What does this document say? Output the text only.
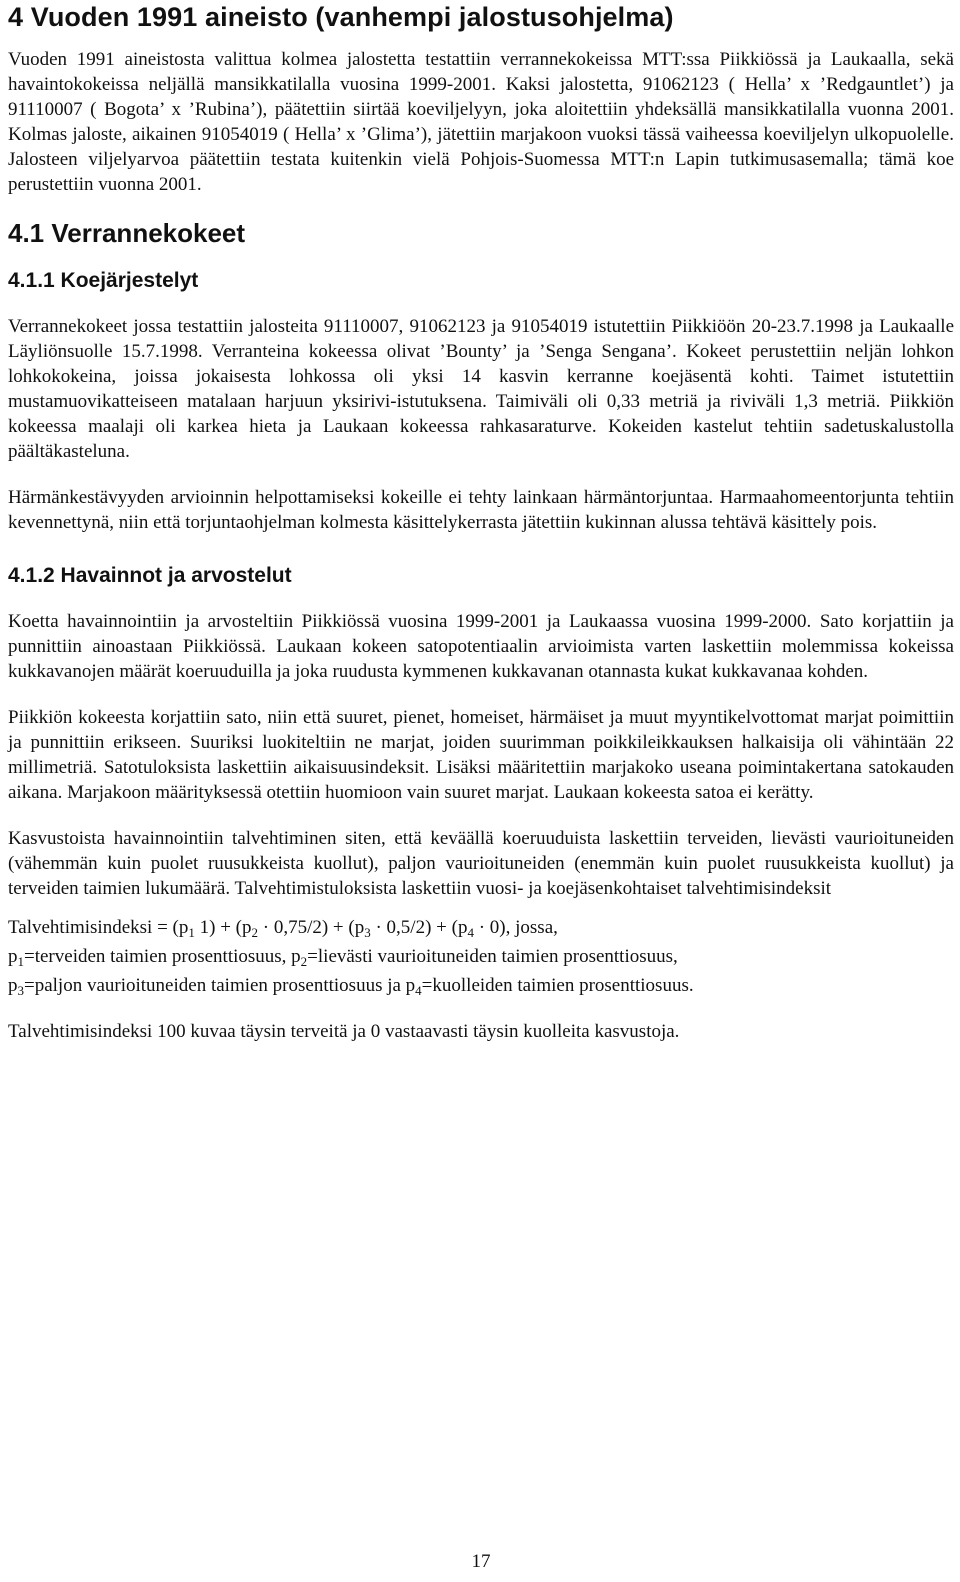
4 Vuoden 1991 aineisto (vanhempi jalostusohjelma)

Vuoden 1991 aineistosta valittua kolmea jalostetta testattiin verrannekokeissa MTT:ssa Piikkiössä ja Laukaalla, sekä havaintokokeissa neljällä mansikkatilalla vuosina 1999-2001. Kaksi jalostetta, 91062123 ( Hella’ x ’Redgauntlet’) ja 91110007 ( Bogota’ x ’Rubina’), päätettiin siirtää koeviljelyyn, joka aloitettiin yhdeksällä mansikkatilalla vuonna 2001. Kolmas jaloste, aikainen 91054019 ( Hella’ x ’Glima’), jätettiin marjakoon vuoksi tässä vaiheessa koeviljelyn ulkopuolelle. Jalosteen viljelyarvoa päätettiin testata kuitenkin vielä Pohjois-Suomessa MTT:n Lapin tutkimusasemalla; tämä koe perustettiin vuonna 2001.

4.1 Verrannekokeet
4.1.1 Koejärjestelyt

Verrannekokeet jossa testattiin jalosteita 91110007, 91062123 ja 91054019 istutettiin Piikkiöön 20-23.7.1998 ja Laukaalle Läyliönsuolle 15.7.1998. Verranteina kokeessa olivat ’Bounty’ ja ’Senga Sengana’. Kokeet perustettiin neljän lohkon lohkokokeina, joissa jokaisesta lohkossa oli yksi 14 kasvin kerranne koejäsentä kohti. Taimet istutettiin mustamuovikatteiseen matalaan harjuun yksirivi-istutuksena. Taimiväli oli 0,33 metriä ja riviväli 1,3 metriä. Piikkiön kokeessa maalaji oli karkea hieta ja Laukaan kokeessa rahkasaraturve. Kokeiden kastelut tehtiin sadetuskalustolla päältäkasteluna.

Härmänkestävyyden arvioinnin helpottamiseksi kokeille ei tehty lainkaan härmäntorjuntaa. Harmaahomeentorjunta tehtiin kevennettynä, niin että torjuntaohjelman kolmesta käsittelykerrasta jätettiin kukinnan alussa tehtävä käsittely pois.

4.1.2 Havainnot ja arvostelut

Koetta havainnointiin ja arvosteltiin Piikkiössä vuosina 1999-2001 ja Laukaassa vuosina 1999-2000. Sato korjattiin ja punnittiin ainoastaan Piikkiössä. Laukaan kokeen satopotentiaalin arvioimista varten laskettiin molemmissa kokeissa kukkavanojen määrät koeruuduilla ja joka ruudusta kymmenen kukkavanan otannasta kukat kukkavanaa kohden.

Piikkiön kokeesta korjattiin sato, niin että suuret, pienet, homeiset, härmäiset ja muut myyntikelvottomat marjat poimittiin ja punnittiin erikseen. Suuriksi luokiteltiin ne marjat, joiden suurimman poikkileikkauksen halkaisija oli vähintään 22 millimetriä. Satotuloksista laskettiin aikaisuusindeksit. Lisäksi määritettiin marjakoko useana poimintakertana satokauden aikana. Marjakoon määrityksessä otettiin huomioon vain suuret marjat. Laukaan kokeesta satoa ei kerätty.

Kasvustoista havainnointiin talvehtiminen siten, että keväällä koeruuduista laskettiin terveiden, lievästi vaurioituneiden (vähemmän kuin puolet ruusukkeista kuollut), paljon vaurioituneiden (enemmän kuin puolet ruusukkeista kuollut) ja terveiden taimien lukumäärä. Talvehtimistuloksista laskettiin vuosi- ja koejäsenkohtaiset talvehtimisindeksit

Talvehtimisindeksi = ($p_1$ $1) + (p_2 \cdot 0,75/2) + (p_3 \cdot 0,5/2) + (p_4 \cdot 0)$, jossa,

$p_1=terveiden$ taimien prosenttiosuus, $p_2=lievästi$ vaurioituneiden taimien prosenttiosuus,

$p_3=paljon$ vaurioituneiden taimien prosenttiosuus ja $p_4=kuolleiden$ taimien prosenttiosuus.

Talvehtimisindeksi 100 kuvaa täysin terveitä ja 0 vastaavasti täysin kuolleita kasvustoja.

17
